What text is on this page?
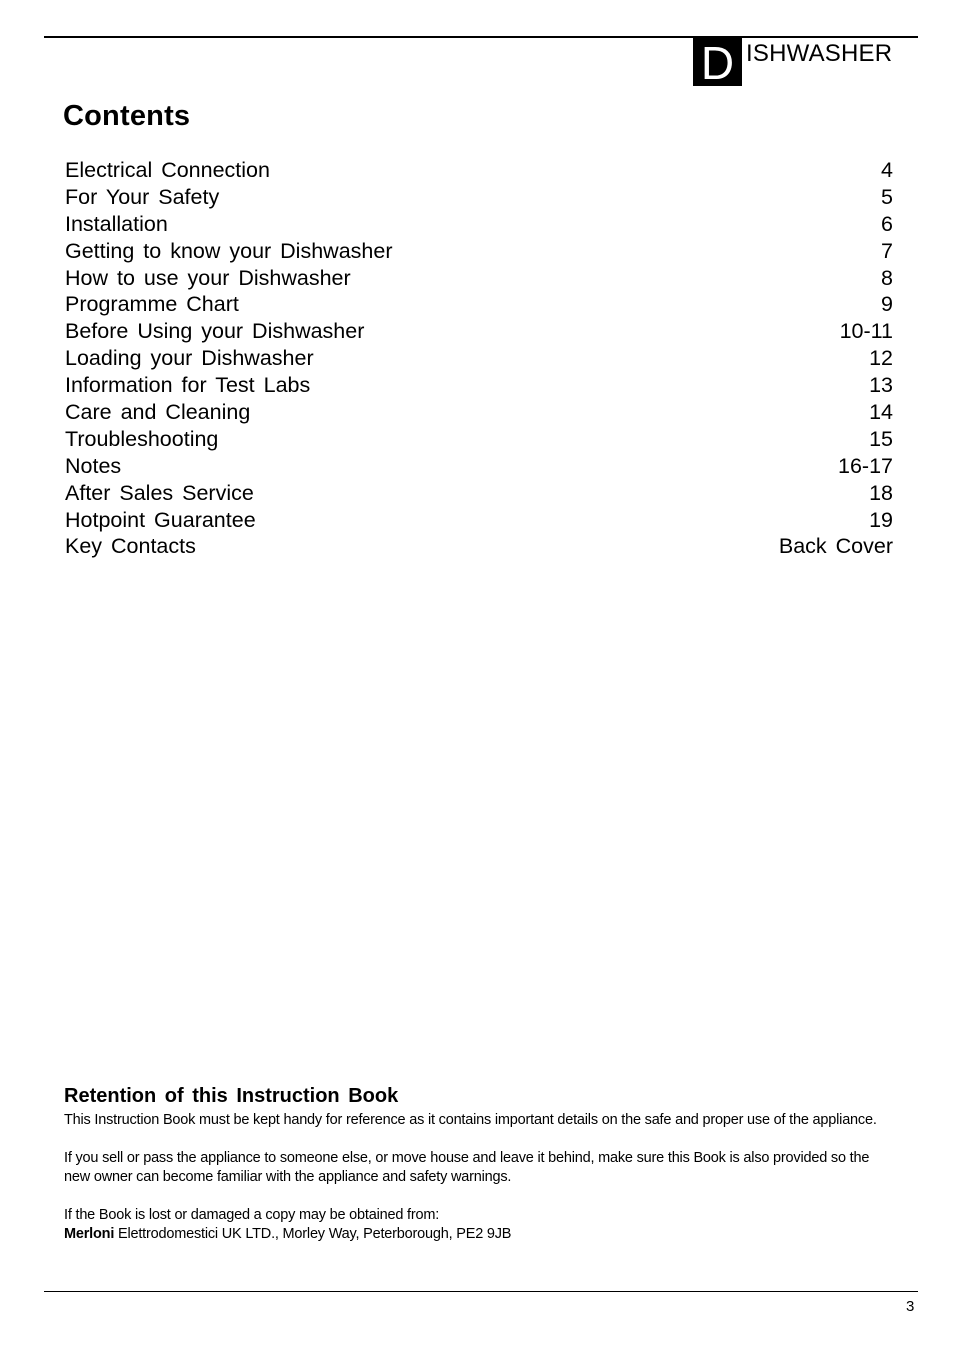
D ISHWASHER
Contents
Electrical Connection	4
For Your Safety	5
Installation	6
Getting to know your Dishwasher	7
How to use your Dishwasher	8
Programme Chart	9
Before Using your Dishwasher	10-11
Loading your Dishwasher	12
Information for Test Labs	13
Care and Cleaning	14
Troubleshooting	15
Notes	16-17
After Sales Service	18
Hotpoint Guarantee	19
Key Contacts	Back Cover
Retention of this Instruction Book

This Instruction Book must be kept handy for reference as it contains important details on the safe and proper use of the appliance.

If you sell or pass the appliance to someone else, or move house and leave it behind, make sure this Book is also provided so the new owner can become familiar with the appliance and safety warnings.

If the Book is lost or damaged a copy may be obtained from:
Merloni Elettrodomestici UK LTD., Morley Way, Peterborough, PE2 9JB

3
